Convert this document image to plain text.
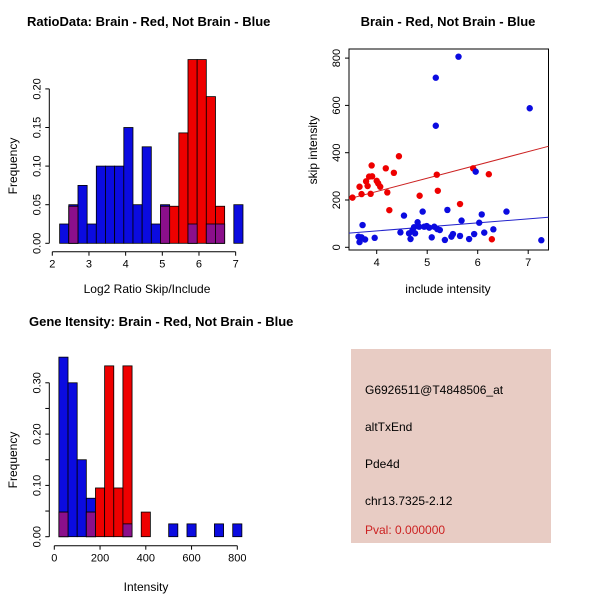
0.00
0.05
0.10
0.15
0.20
2	3	4	5	6	7
0
200
400
600
800
4	5	6	7
0.00
0.10
0.20
0.30
0	200 400 600 800
RatioData: Brain - Red, Not Brain - Blue	Brain - Red, Not Brain - Blue
Gene Itensity: Brain - Red, Not Brain - Blue
Log2 Ratio Skip/Include
Frequency
include intensity
skip intensity
Intensity
Frequency
G6926511@T4848506_at
altTxEnd
Pde4d
chr13.7325-2.12
Pval: 0.000000
